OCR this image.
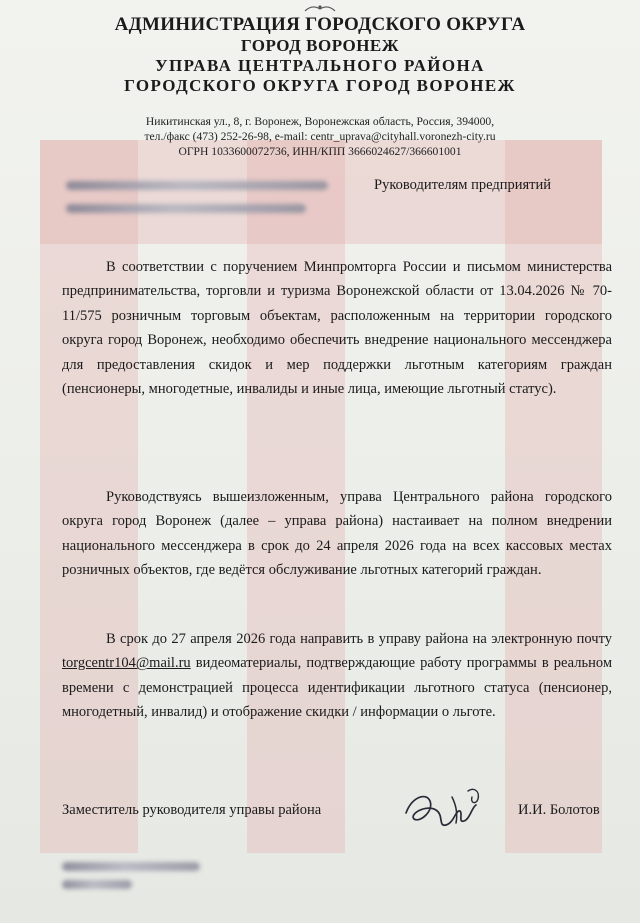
АДМИНИСТРАЦИЯ ГОРОДСКОГО ОКРУГА
ГОРОД ВОРОНЕЖ
УПРАВА ЦЕНТРАЛЬНОГО РАЙОНА
ГОРОДСКОГО ОКРУГА ГОРОД ВОРОНЕЖ
Никитинская ул., 8, г. Воронеж, Воронежская область, Россия, 394000,
тел./факс (473) 252-26-98, e-mail: centr_uprava@cityhall.voronezh-city.ru
ОГРН 1033600072736, ИНН/КПП 3666024627/366601001
Руководителям предприятий

В соответствии с поручением Минпромторга России и письмом министерства предпринимательства, торговли и туризма Воронежской области от 13.04.2026 № 70-11/575 розничным торговым объектам, расположенным на территории городского округа город Воронеж, необходимо обеспечить внедрение национального мессенджера для предоставления скидок и мер поддержки льготным категориям граждан (пенсионеры, многодетные, инвалиды и иные лица, имеющие льготный статус).

Руководствуясь вышеизложенным, управа Центрального района городского округа город Воронеж (далее – управа района) настаивает на полном внедрении национального мессенджера в срок до 24 апреля 2026 года на всех кассовых местах розничных объектов, где ведётся обслуживание льготных категорий граждан.

В срок до 27 апреля 2026 года направить в управу района на электронную почту torgcentr104@mail.ru видеоматериалы, подтверждающие работу программы в реальном времени с демонстрацией процесса идентификации льготного статуса (пенсионер, многодетный, инвалид) и отображение скидки / информации о льготе.

Заместитель руководителя управы района	И.И. Болотов
